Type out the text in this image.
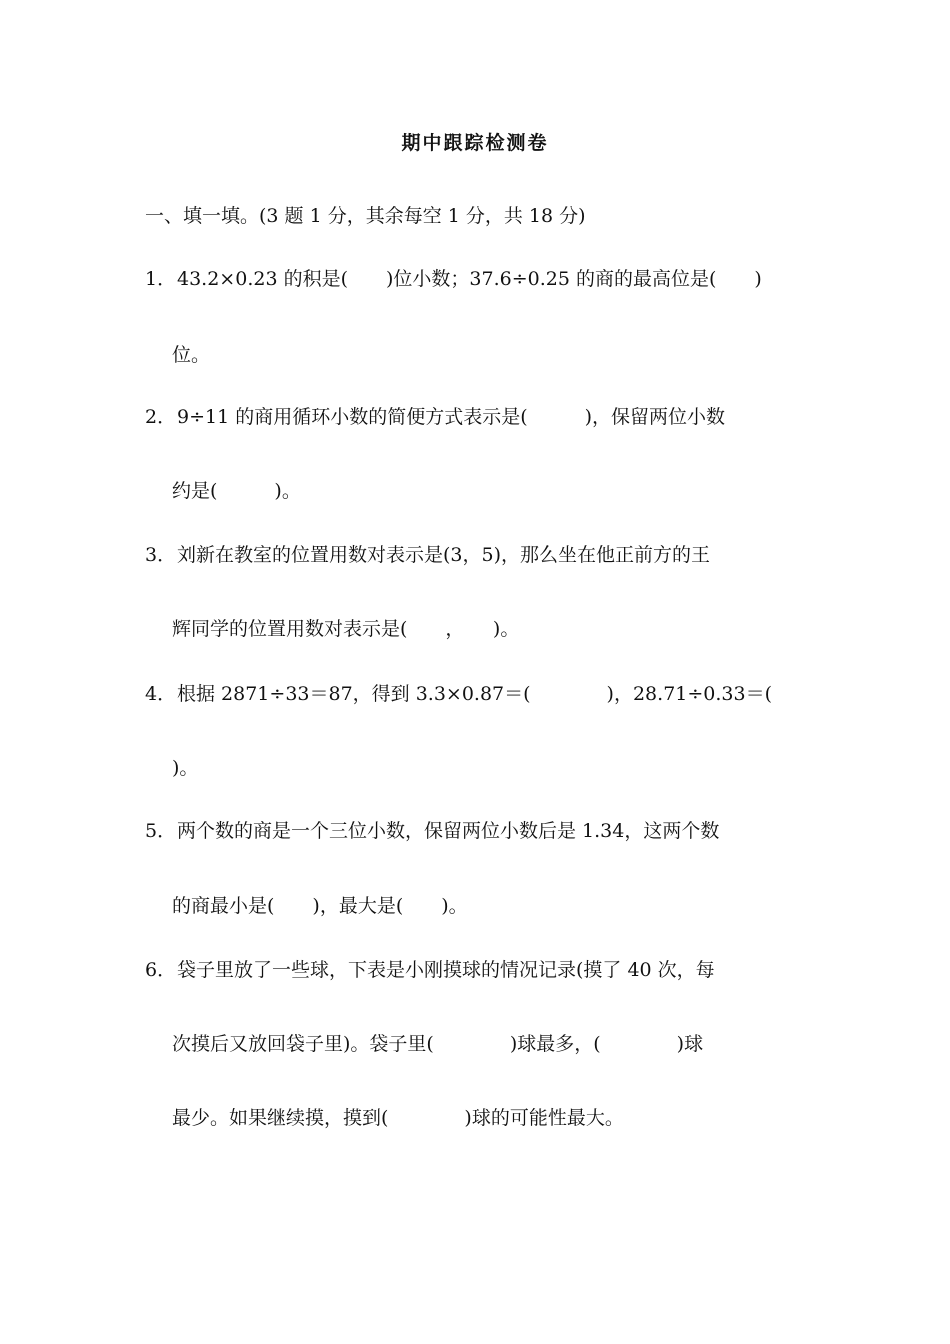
期中跟踪检测卷
一、填一填。(3 题 1 分，其余每空 1 分，共 18 分)
1．43.2×0.23 的积是(　　)位小数；37.6÷0.25 的商的最高位是(　　)
位。
2．9÷11 的商用循环小数的简便方式表示是(　　　)，保留两位小数
约是(　　　)。
3．刘新在教室的位置用数对表示是(3，5)，那么坐在他正前方的王
辉同学的位置用数对表示是(　　，　　)。
4．根据 2871÷33＝87，得到 3.3×0.87＝(　　　　)，28.71÷0.33＝(
)。
5．两个数的商是一个三位小数，保留两位小数后是 1.34，这两个数
的商最小是(　　)，最大是(　　)。
6．袋子里放了一些球，下表是小刚摸球的情况记录(摸了 40 次，每
次摸后又放回袋子里)。袋子里(　　　　)球最多，(　　　　)球
最少。如果继续摸，摸到(　　　　)球的可能性最大。
